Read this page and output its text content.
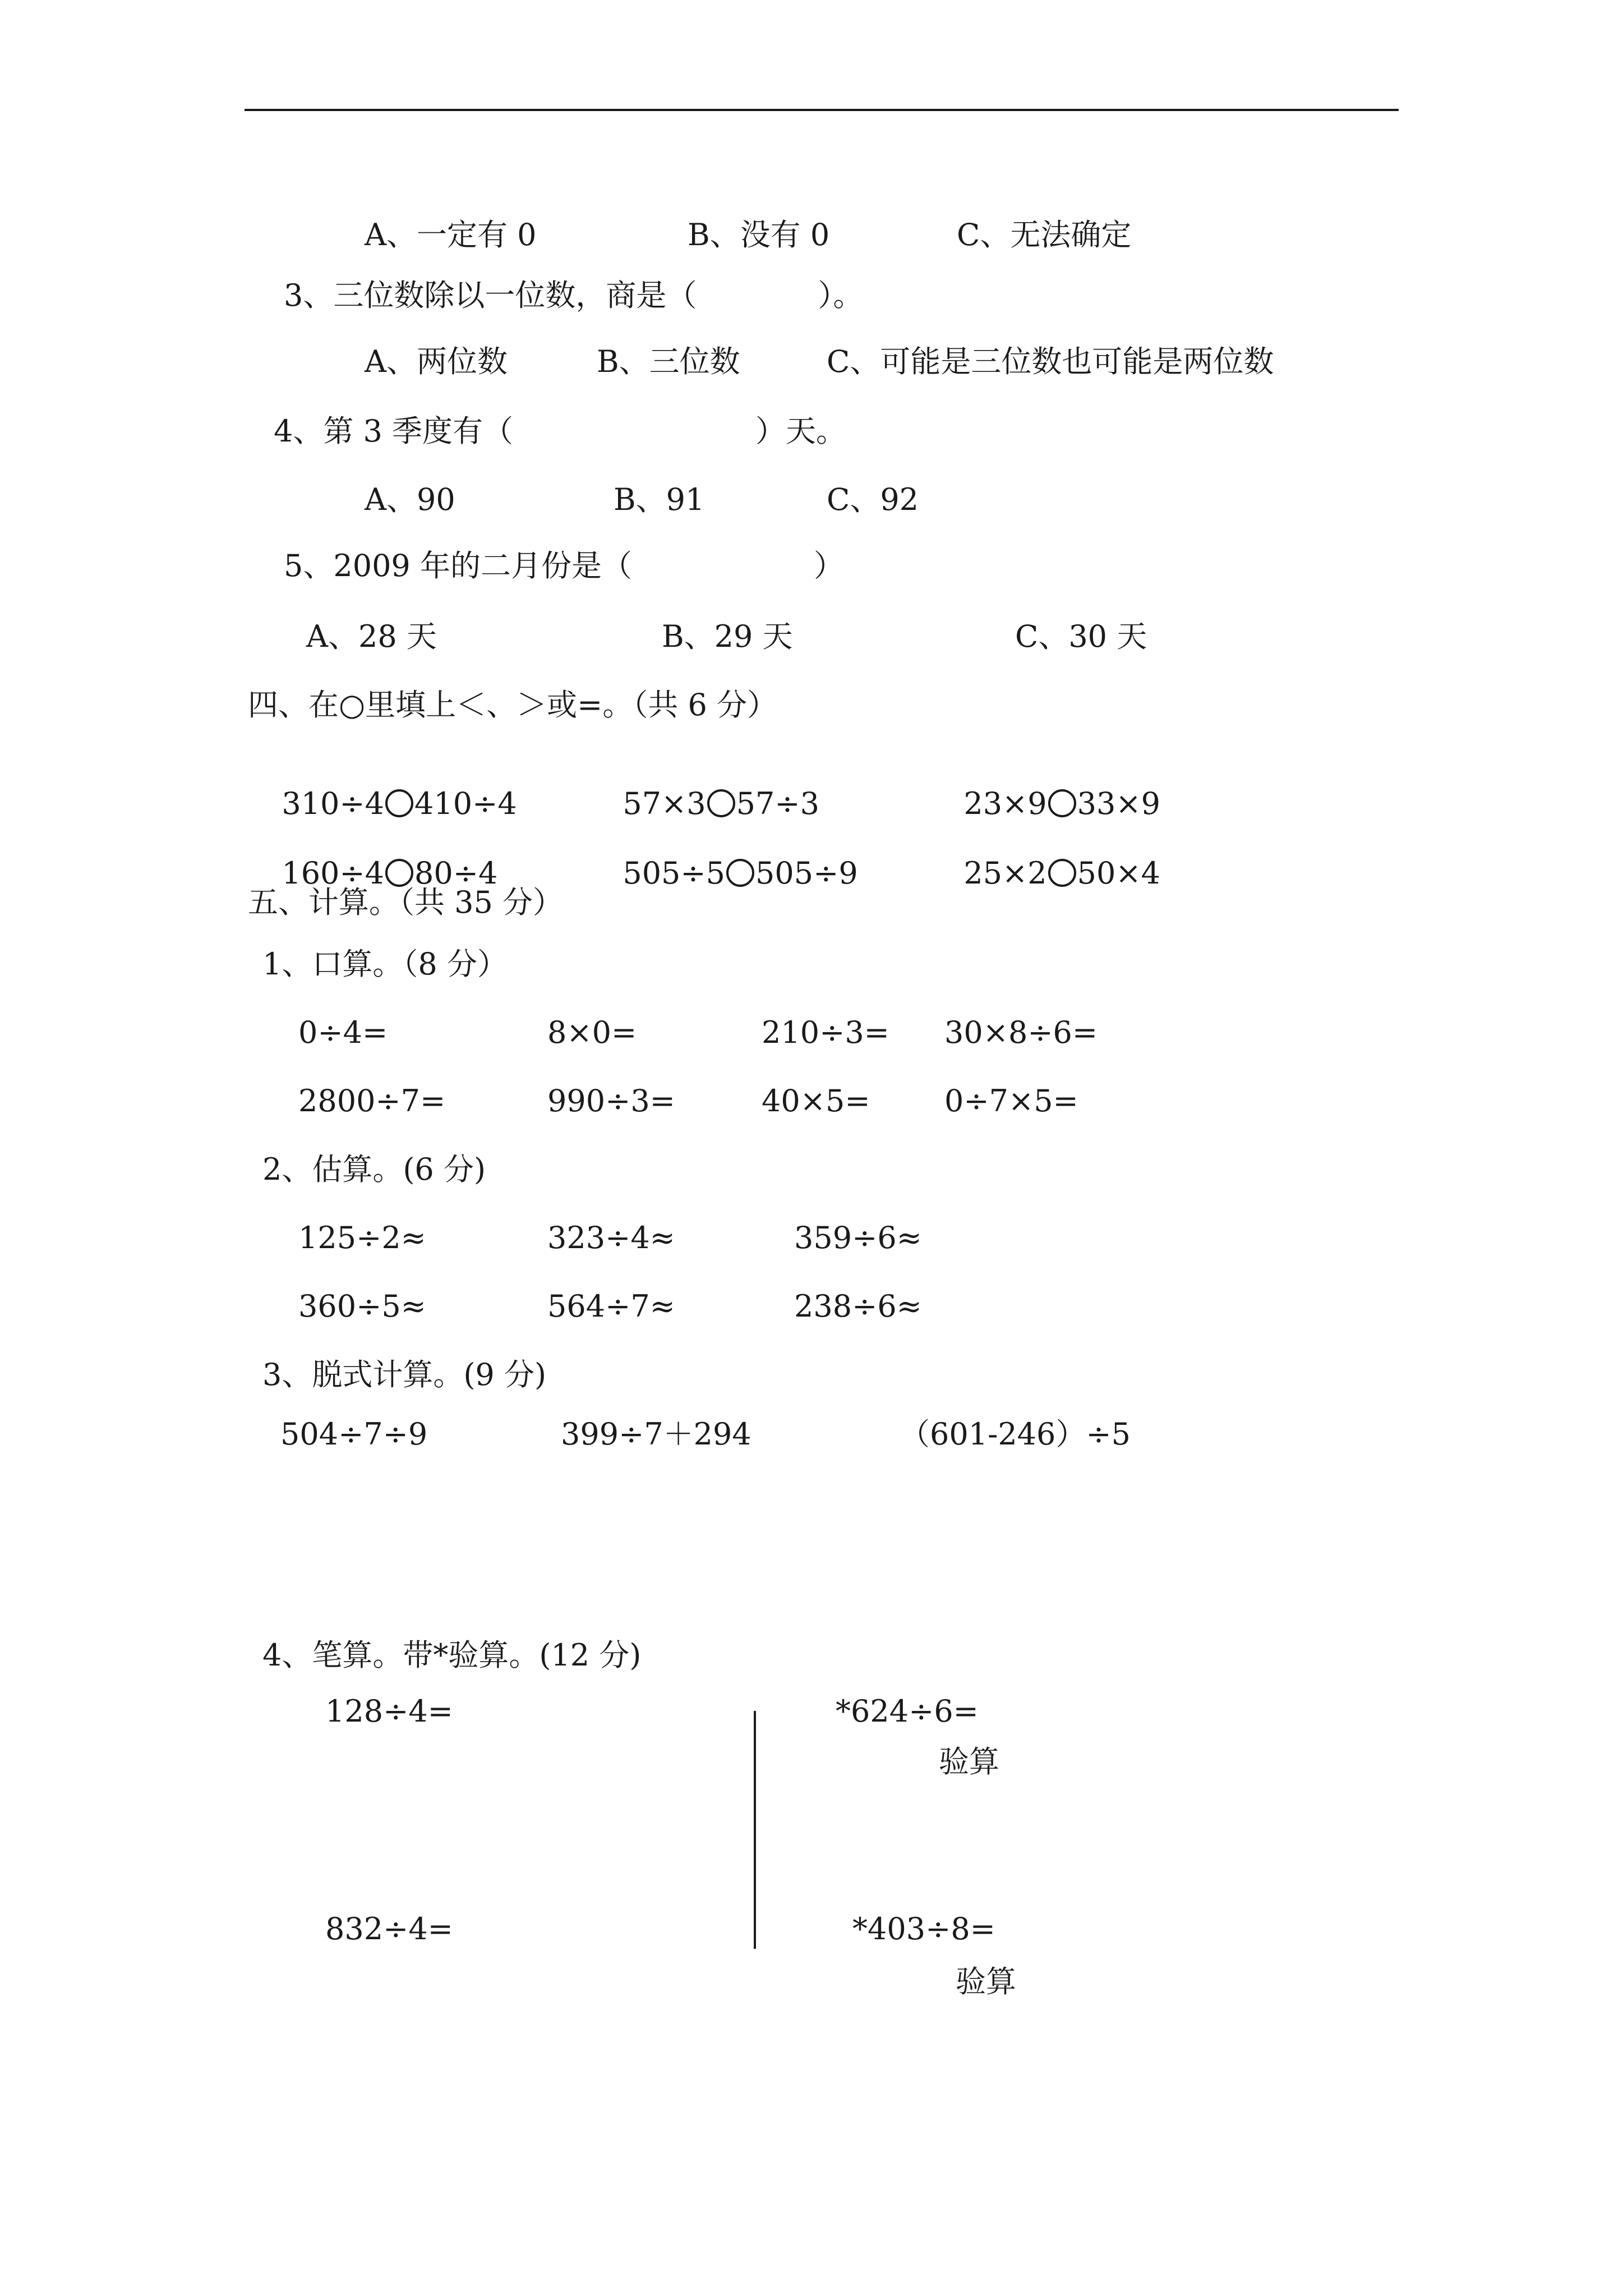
A、一定有 0	B、没有 0	C、无法确定
3、三位数除以一位数，商是（　　　　）。
A、两位数	B、三位数	C、可能是三位数也可能是两位数
4、第 3 季度有（　　　　　　　　）天。
A、90	B、91	C、92
5、2009 年的二月份是（　　　　　　）
A、28 天	B、29 天	C、30 天
四、在○里填上＜、＞或=。（共 6 分）

310÷4 410÷4	57×3 57÷3	23×9 33×9

160÷4 80÷4	505÷5 505÷9	25×2 50×4

五、计算。（共 35 分）
1、口算。（8 分）
0÷4=	8×0=	210÷3= 30×8÷6=
2800÷7=	990÷3=	40×5= 0÷7×5=
2、估算。(6 分)
125÷2≈	323÷4≈	359÷6≈
360÷5≈	564÷7≈	238÷6≈
3、脱式计算。(9 分)
504÷7÷9	399÷7＋294	（601-246）÷5
4、笔算。带*验算。(12 分)
128÷4=	*624÷6=
验算
832÷4=	*403÷8=
验算
